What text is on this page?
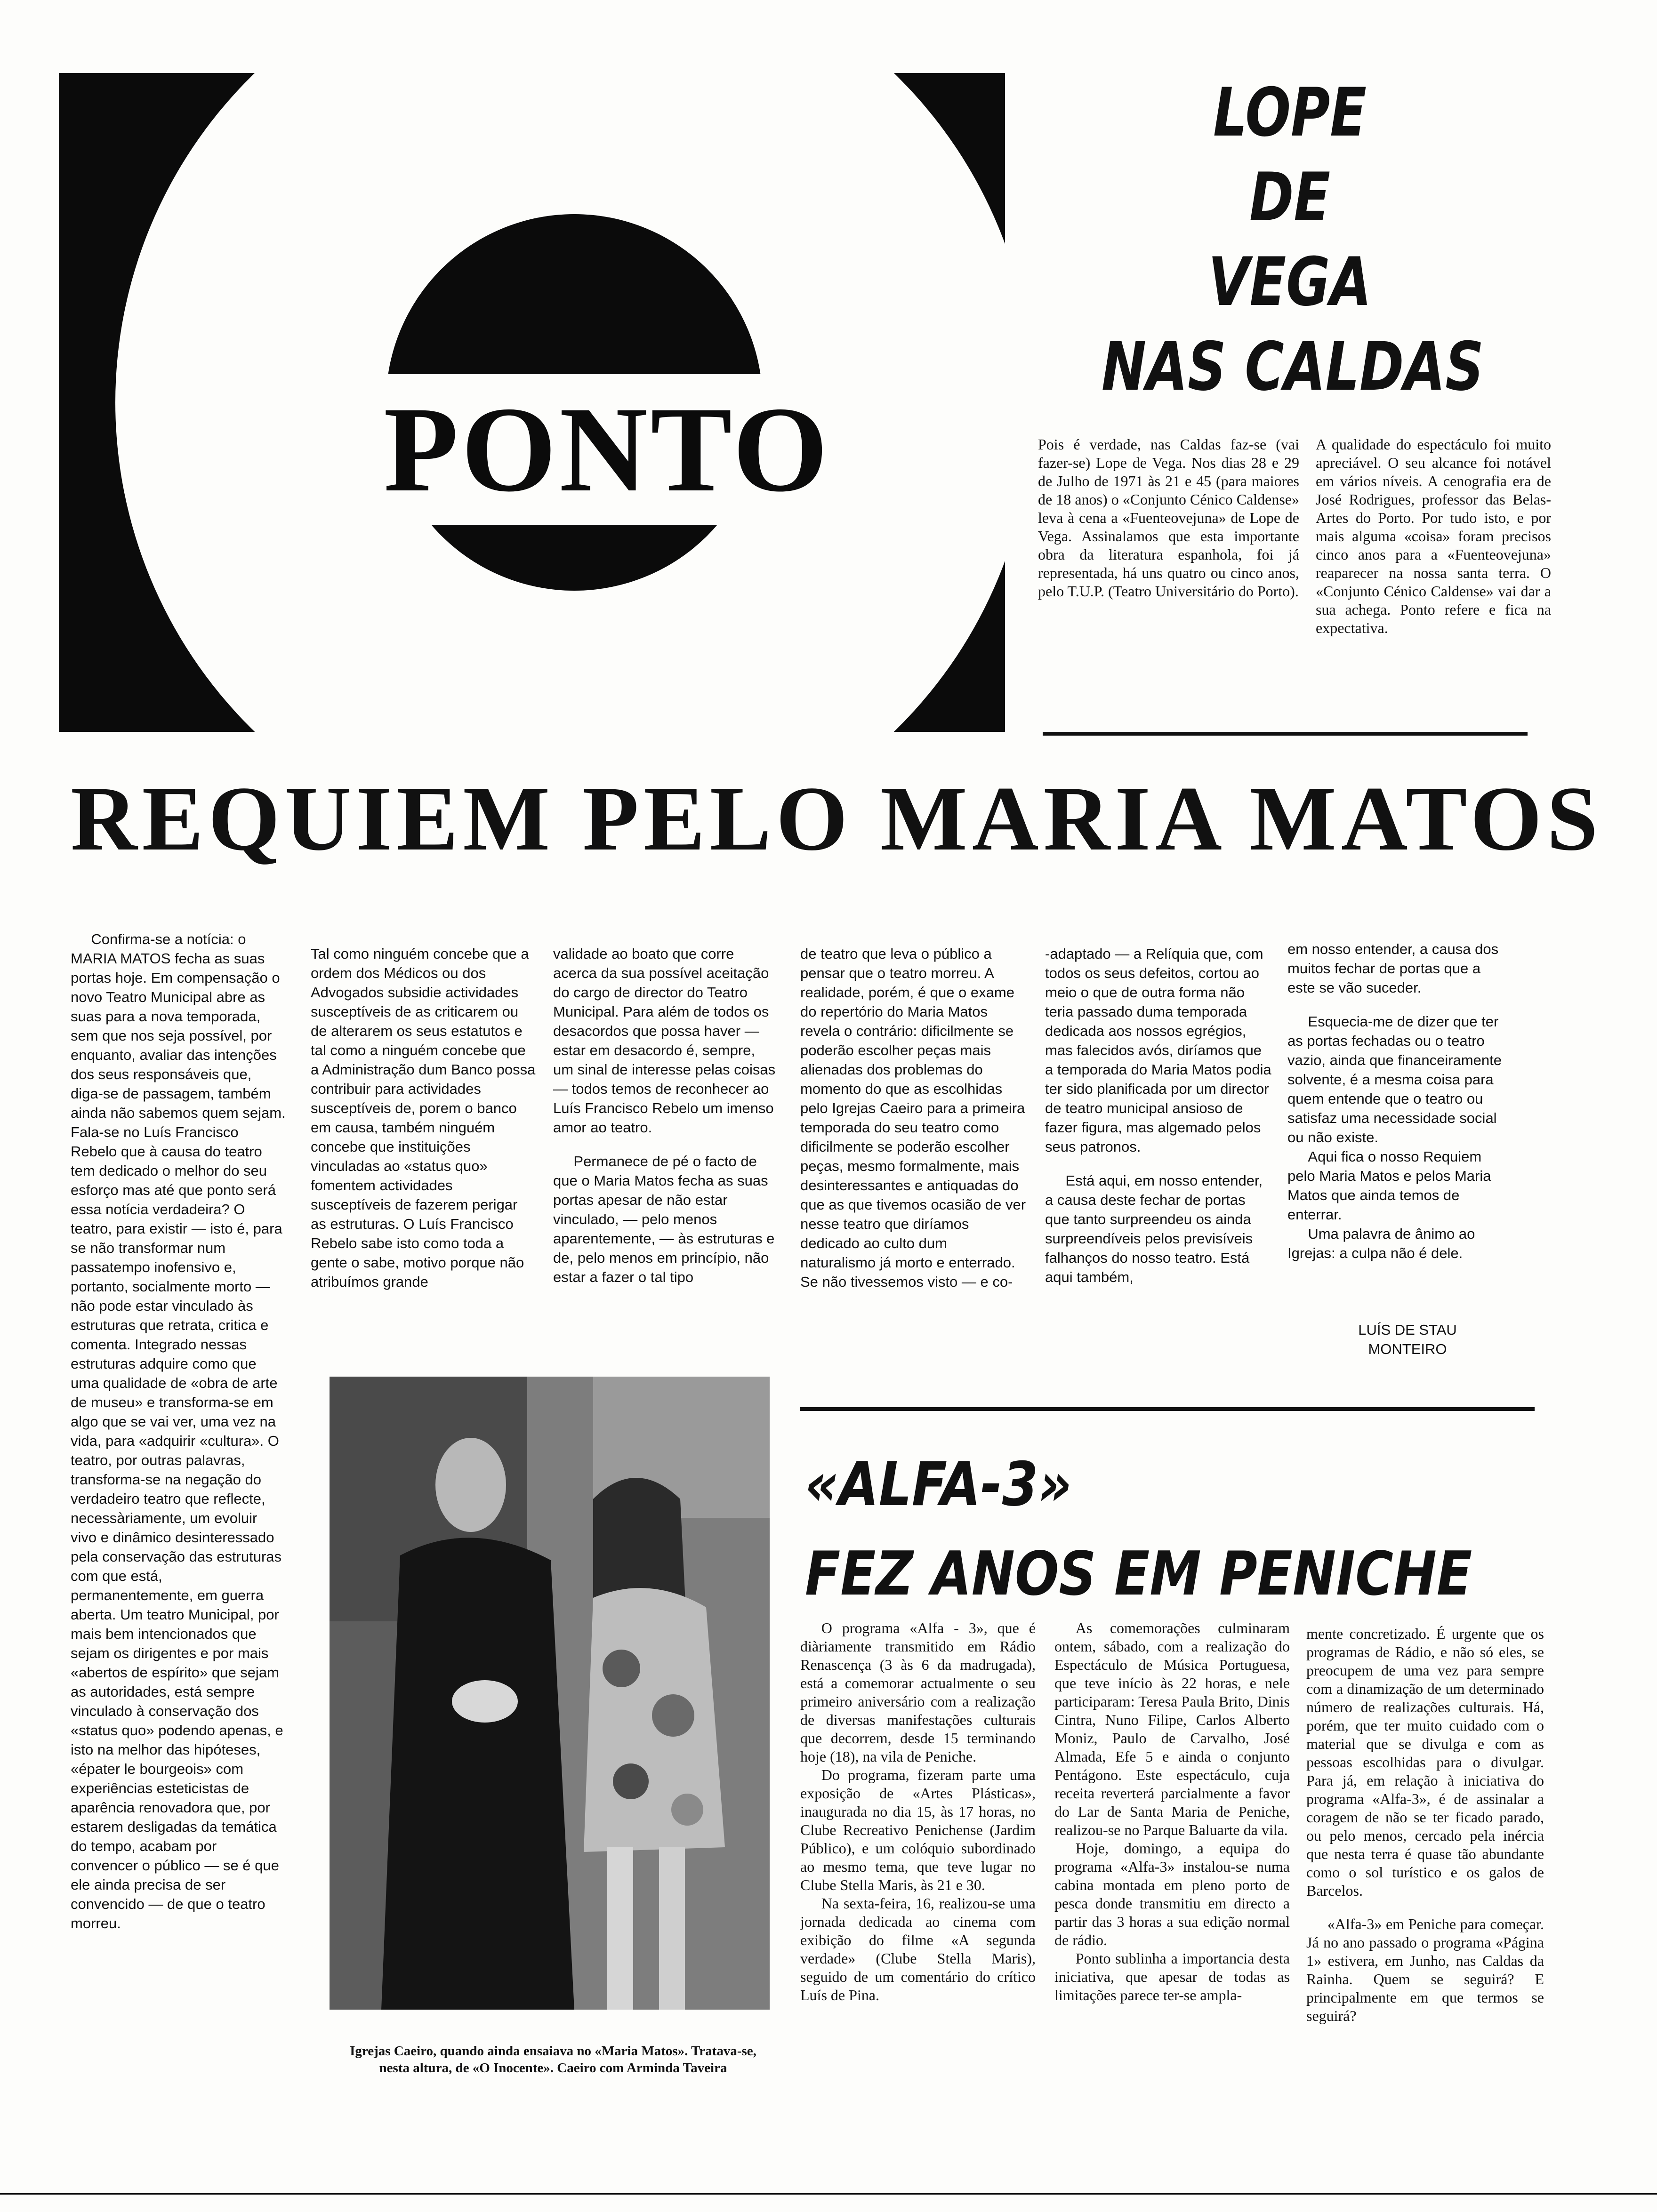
PONTO
LOPE
DE
VEGA
NAS CALDAS
Pois é verdade, nas Caldas faz-se (vai fazer-se) Lope de Vega. Nos dias 28 e 29 de Julho de 1971 às 21 e 45 (para maiores de 18 anos) o «Conjunto Cénico Caldense» leva à cena a «Fuenteovejuna» de Lope de Vega. Assinalamos que esta importante obra da literatura espanhola, foi já representada, há uns quatro ou cinco anos, pelo T.U.P. (Teatro Universitário do Porto).
A qualidade do espectáculo foi muito apreciável. O seu alcance foi notável em vários níveis. A cenografia era de José Rodrigues, professor das Belas-Artes do Porto. Por tudo isto, e por mais alguma «coisa» foram precisos cinco anos para a «Fuenteovejuna» reaparecer na nossa santa terra. O «Conjunto Cénico Caldense» vai dar a sua achega. Ponto refere e fica na expectativa.
REQUIEM PELO MARIA MATOS

Confirma-se a notícia: o MARIA MATOS fecha as suas portas hoje. Em compensação o novo Teatro Municipal abre as suas para a nova temporada, sem que nos seja possível, por enquanto, avaliar das intenções dos seus responsáveis que, diga-se de passagem, também ainda não sabemos quem sejam. Fala-se no Luís Francisco Rebelo que à causa do teatro tem dedicado o melhor do seu esforço mas até que ponto será essa notícia verdadeira? O teatro, para existir — isto é, para se não transformar num passatempo inofensivo e, portanto, socialmente morto — não pode estar vinculado às estruturas que retrata, critica e comenta. Integrado nessas estruturas adquire como que uma qualidade de «obra de arte de museu» e transforma-se em algo que se vai ver, uma vez na vida, para «adquirir «cultura». O teatro, por outras palavras, transforma-se na negação do verdadeiro teatro que reflecte, necessàriamente, um evoluir vivo e dinâmico desinteressado pela conservação das estruturas com que está, permanentemente, em guerra aberta. Um teatro Municipal, por mais bem intencionados que sejam os dirigentes e por mais «abertos de espírito» que sejam as autoridades, está sempre vinculado à conservação dos «status quo» podendo apenas, e isto na melhor das hipóteses, «épater le bourgeois» com experiências esteticistas de aparência renovadora que, por estarem desligadas da temática do tempo, acabam por convencer o público — se é que ele ainda precisa de ser convencido — de que o teatro morreu.

Tal como ninguém concebe que a ordem dos Médicos ou dos Advogados subsidie actividades susceptíveis de as criticarem ou de alterarem os seus estatutos e tal como a ninguém concebe que a Administração dum Banco possa contribuir para actividades susceptíveis de, porem o banco em causa, também ninguém concebe que instituições vinculadas ao «status quo» fomentem actividades susceptíveis de fazerem perigar as estruturas. O Luís Francisco Rebelo sabe isto como toda a gente o sabe, motivo porque não atribuímos grande

validade ao boato que corre acerca da sua possível aceitação do cargo de director do Teatro Municipal. Para além de todos os desacordos que possa haver — estar em desacordo é, sempre, um sinal de interesse pelas coisas — todos temos de reconhecer ao Luís Francisco Rebelo um imenso amor ao teatro.

Permanece de pé o facto de que o Maria Matos fecha as suas portas apesar de não estar vinculado, — pelo menos aparentemente, — às estruturas e de, pelo menos em princípio, não estar a fazer o tal tipo

de teatro que leva o público a pensar que o teatro morreu. A realidade, porém, é que o exame do repertório do Maria Matos revela o contrário: dificilmente se poderão escolher peças mais alienadas dos problemas do momento do que as escolhidas pelo Igrejas Caeiro para a primeira temporada do seu teatro como dificilmente se poderão escolher peças, mesmo formalmente, mais desinteressantes e antiquadas do que as que tivemos ocasião de ver nesse teatro que diríamos dedicado ao culto dum naturalismo já morto e enterrado. Se não tivessemos visto — e co-

-adaptado — a Relíquia que, com todos os seus defeitos, cortou ao meio o que de outra forma não teria passado duma temporada dedicada aos nossos egrégios, mas falecidos avós, diríamos que a temporada do Maria Matos podia ter sido planificada por um director de teatro municipal ansioso de fazer figura, mas algemado pelos seus patronos.

Está aqui, em nosso entender, a causa deste fechar de portas que tanto surpreendeu os ainda surpreendíveis pelos previsíveis falhanços do nosso teatro. Está aqui também,

em nosso entender, a causa dos muitos fechar de portas que a este se vão suceder.

Esquecia-me de dizer que ter as portas fechadas ou o teatro vazio, ainda que financeiramente solvente, é a mesma coisa para quem entende que o teatro ou satisfaz uma necessidade social ou não existe.

Aqui fica o nosso Requiem pelo Maria Matos e pelos Maria Matos que ainda temos de enterrar.

Uma palavra de ânimo ao Igrejas: a culpa não é dele.

LUÍS DE STAU
MONTEIRO
Igrejas Caeiro, quando ainda ensaiava no «Maria Matos». Tratava-se, nesta altura, de «O Inocente». Caeiro com Arminda Taveira
«ALFA-3»
FEZ ANOS EM PENICHE

O programa «Alfa - 3», que é diàriamente transmitido em Rádio Renascença (3 às 6 da madrugada), está a comemorar actualmente o seu primeiro aniversário com a realização de diversas manifestações culturais que decorrem, desde 15 terminando hoje (18), na vila de Peniche.

Do programa, fizeram parte uma exposição de «Artes Plásticas», inaugurada no dia 15, às 17 horas, no Clube Recreativo Penichense (Jardim Público), e um colóquio subordinado ao mesmo tema, que teve lugar no Clube Stella Maris, às 21 e 30.

Na sexta-feira, 16, realizou-se uma jornada dedicada ao cinema com exibição do filme «A segunda verdade» (Clube Stella Maris), seguido de um comentário do crítico Luís de Pina.

As comemorações culminaram ontem, sábado, com a realização do Espectáculo de Música Portuguesa, que teve início às 22 horas, e nele participaram: Teresa Paula Brito, Dinis Cintra, Nuno Filipe, Carlos Alberto Moniz, Paulo de Carvalho, José Almada, Efe 5 e ainda o conjunto Pentágono. Este espectáculo, cuja receita reverterá parcialmente a favor do Lar de Santa Maria de Peniche, realizou-se no Parque Baluarte da vila.

Hoje, domingo, a equipa do programa «Alfa-3» instalou-se numa cabina montada em pleno porto de pesca donde transmitiu em directo a partir das 3 horas a sua edição normal de rádio.

Ponto sublinha a importancia desta iniciativa, que apesar de todas as limitações parece ter-se ampla-

mente concretizado. É urgente que os programas de Rádio, e não só eles, se preocupem de uma vez para sempre com a dinamização de um determinado número de realizações culturais. Há, porém, que ter muito cuidado com o material que se divulga e com as pessoas escolhidas para o divulgar. Para já, em relação à iniciativa do programa «Alfa-3», é de assinalar a coragem de não se ter ficado parado, ou pelo menos, cercado pela inércia que nesta terra é quase tão abundante como o sol turístico e os galos de Barcelos.

«Alfa-3» em Peniche para começar. Já no ano passado o programa «Página 1» estivera, em Junho, nas Caldas da Rainha. Quem se seguirá? E principalmente em que termos se seguirá?
